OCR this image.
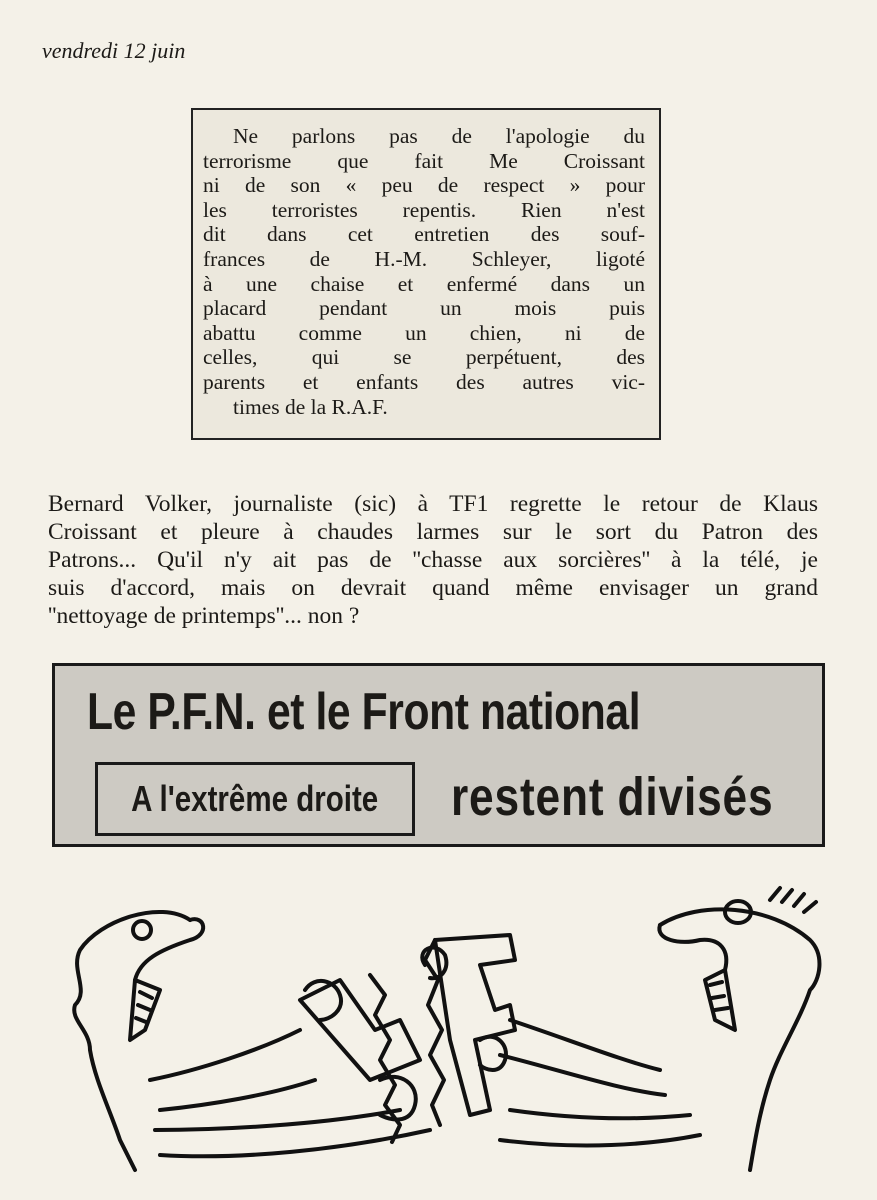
vendredi 12 juin
Ne parlons pas de l'apologie du
terrorisme que fait Me Croissant
ni de son « peu de respect » pour
les terroristes repentis. Rien n'est
dit dans cet entretien des souf-
frances de H.-M. Schleyer, ligoté
à une chaise et enfermé dans un
placard pendant un mois puis
abattu comme un chien, ni de
celles, qui se perpétuent, des
parents et enfants des autres vic-
times de la R.A.F.
Bernard Volker, journaliste (sic) à TF1 regrette le retour de Klaus
Croissant et pleure à chaudes larmes sur le sort du Patron des
Patrons... Qu'il n'y ait pas de ''chasse aux sorcières'' à la télé, je
suis d'accord, mais on devrait quand même envisager un grand
''nettoyage de printemps''... non ?
Le P.F.N. et le Front national
A l'extrême droite restent divisés
